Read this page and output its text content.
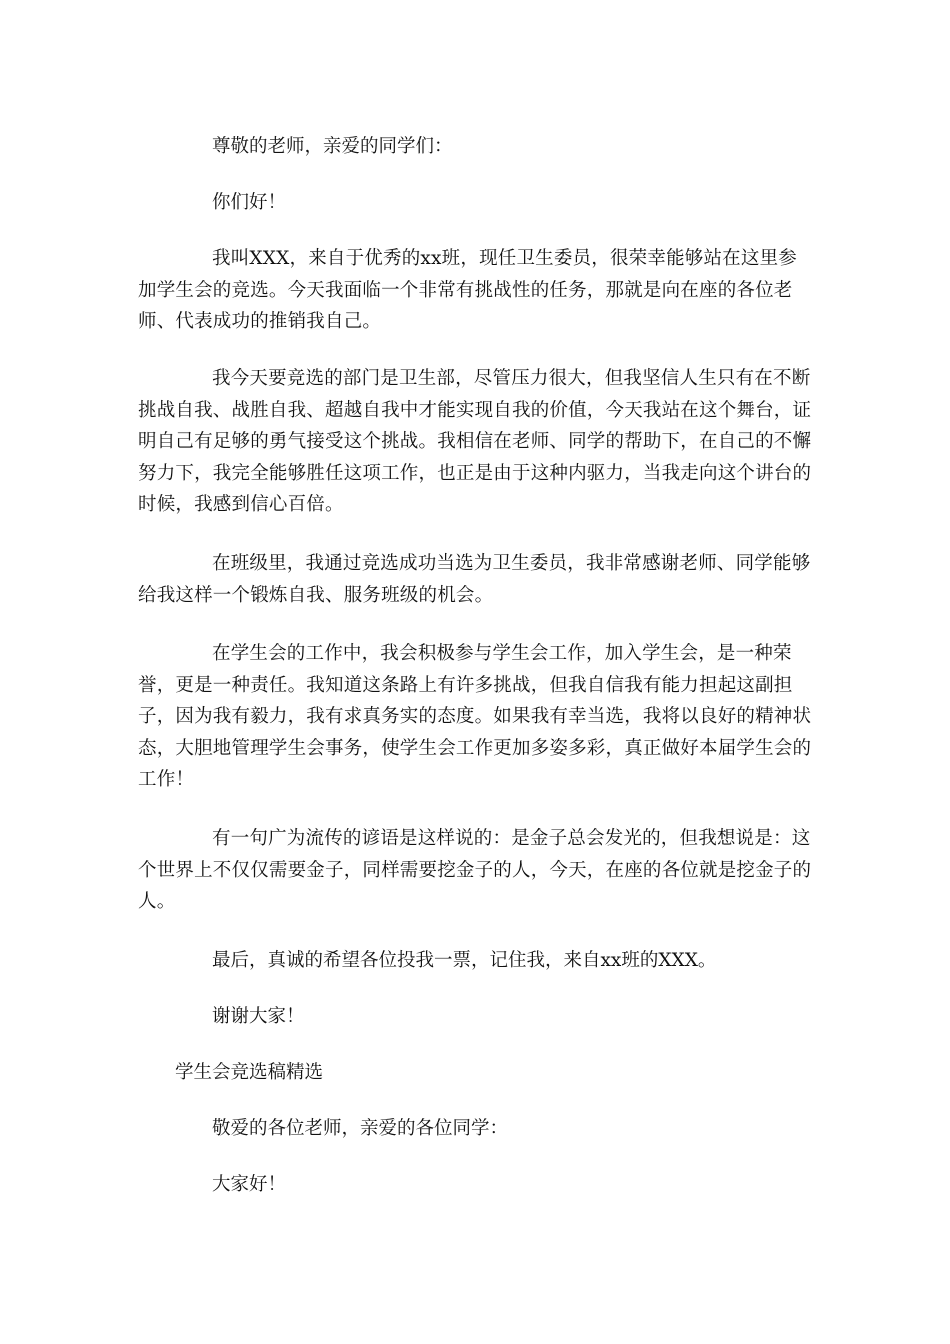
尊敬的老师，亲爱的同学们：

你们好！

我叫XXX，来自于优秀的xx班，现任卫生委员，很荣幸能够站在这里参加学生会的竞选。今天我面临一个非常有挑战性的任务，那就是向在座的各位老师、代表成功的推销我自己。

我今天要竞选的部门是卫生部，尽管压力很大，但我坚信人生只有在不断挑战自我、战胜自我、超越自我中才能实现自我的价值，今天我站在这个舞台，证明自己有足够的勇气接受这个挑战。我相信在老师、同学的帮助下，在自己的不懈努力下，我完全能够胜任这项工作，也正是由于这种内驱力，当我走向这个讲台的时候，我感到信心百倍。

在班级里，我通过竞选成功当选为卫生委员，我非常感谢老师、同学能够给我这样一个锻炼自我、服务班级的机会。

在学生会的工作中，我会积极参与学生会工作，加入学生会，是一种荣誉，更是一种责任。我知道这条路上有许多挑战，但我自信我有能力担起这副担子，因为我有毅力，我有求真务实的态度。如果我有幸当选，我将以良好的精神状态，大胆地管理学生会事务，使学生会工作更加多姿多彩，真正做好本届学生会的工作！

有一句广为流传的谚语是这样说的：是金子总会发光的，但我想说是：这个世界上不仅仅需要金子，同样需要挖金子的人，今天，在座的各位就是挖金子的人。

最后，真诚的希望各位投我一票，记住我，来自xx班的XXX。

谢谢大家！

学生会竞选稿精选

敬爱的各位老师，亲爱的各位同学：

大家好！
